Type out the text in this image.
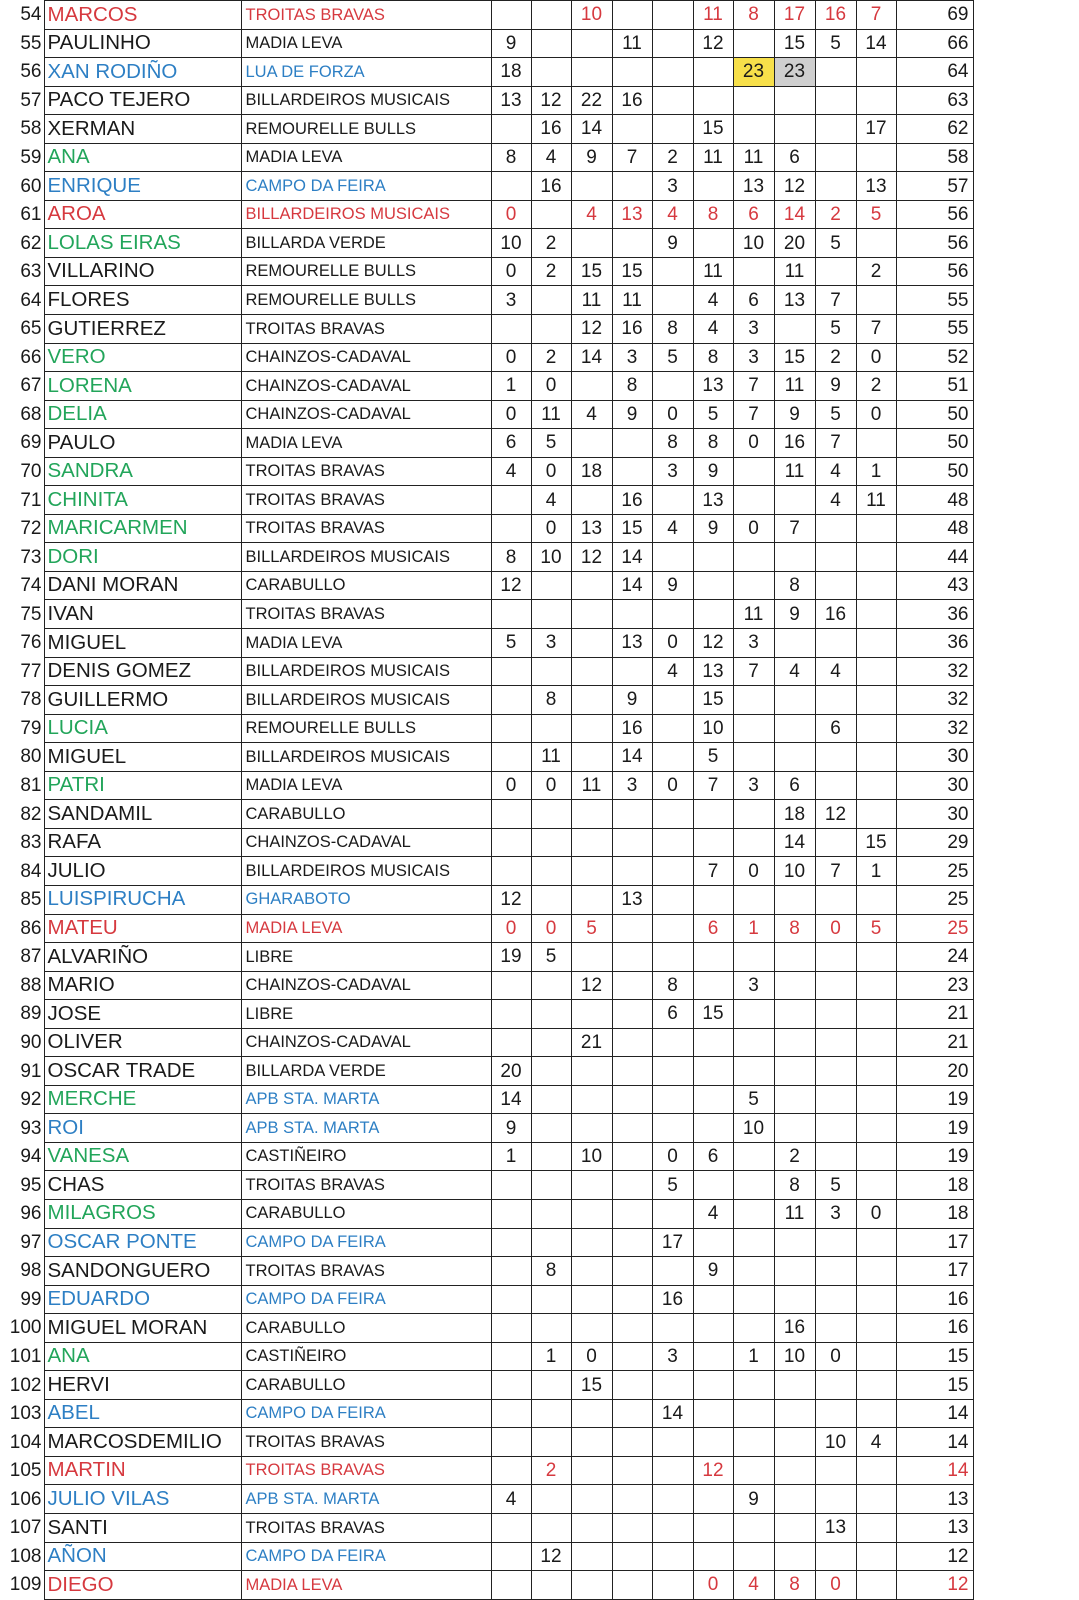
54	MARCOS	TROITAS BRAVAS			10			11	8	17	16	7	69
55	PAULINHO	MADIA LEVA	9			11		12		15	5	14	66
56	XAN RODIÑO	LUA DE FORZA	18						23	23			64
57	PACO TEJERO	BILLARDEIROS MUSICAIS	13	12	22	16							63
58	XERMAN	REMOURELLE BULLS		16	14			15				17	62
59	ANA	MADIA LEVA	8	4	9	7	2	11	11	6			58
60	ENRIQUE	CAMPO DA FEIRA		16			3		13	12		13	57
61	AROA	BILLARDEIROS MUSICAIS	0		4	13	4	8	6	14	2	5	56
62	LOLAS EIRAS	BILLARDA VERDE	10	2			9		10	20	5		56
63	VILLARINO	REMOURELLE BULLS	0	2	15	15		11		11		2	56
64	FLORES	REMOURELLE BULLS	3		11	11		4	6	13	7		55
65	GUTIERREZ	TROITAS BRAVAS			12	16	8	4	3		5	7	55
66	VERO	CHAINZOS-CADAVAL	0	2	14	3	5	8	3	15	2	0	52
67	LORENA	CHAINZOS-CADAVAL	1	0		8		13	7	11	9	2	51
68	DELIA	CHAINZOS-CADAVAL	0	11	4	9	0	5	7	9	5	0	50
69	PAULO	MADIA LEVA	6	5			8	8	0	16	7		50
70	SANDRA	TROITAS BRAVAS	4	0	18		3	9		11	4	1	50
71	CHINITA	TROITAS BRAVAS		4		16		13			4	11	48
72	MARICARMEN	TROITAS BRAVAS		0	13	15	4	9	0	7			48
73	DORI	BILLARDEIROS MUSICAIS	8	10	12	14							44
74	DANI MORAN	CARABULLO	12			14	9			8			43
75	IVAN	TROITAS BRAVAS							11	9	16		36
76	MIGUEL	MADIA LEVA	5	3		13	0	12	3				36
77	DENIS GOMEZ	BILLARDEIROS MUSICAIS					4	13	7	4	4		32
78	GUILLERMO	BILLARDEIROS MUSICAIS		8		9		15					32
79	LUCIA	REMOURELLE BULLS				16		10			6		32
80	MIGUEL	BILLARDEIROS MUSICAIS		11		14		5					30
81	PATRI	MADIA LEVA	0	0	11	3	0	7	3	6			30
82	SANDAMIL	CARABULLO								18	12		30
83	RAFA	CHAINZOS-CADAVAL								14		15	29
84	JULIO	BILLARDEIROS MUSICAIS						7	0	10	7	1	25
85	LUISPIRUCHA	GHARABOTO	12			13							25
86	MATEU	MADIA LEVA	0	0	5			6	1	8	0	5	25
87	ALVARIÑO	LIBRE	19	5									24
88	MARIO	CHAINZOS-CADAVAL			12		8		3				23
89	JOSE	LIBRE					6	15					21
90	OLIVER	CHAINZOS-CADAVAL			21								21
91	OSCAR TRADE	BILLARDA VERDE	20										20
92	MERCHE	APB STA. MARTA	14						5				19
93	ROI	APB STA. MARTA	9						10				19
94	VANESA	CASTIÑEIRO	1		10		0	6		2			19
95	CHAS	TROITAS BRAVAS					5			8	5		18
96	MILAGROS	CARABULLO						4		11	3	0	18
97	OSCAR PONTE	CAMPO DA FEIRA					17						17
98	SANDONGUERO	TROITAS BRAVAS		8				9					17
99	EDUARDO	CAMPO DA FEIRA					16						16
100	MIGUEL MORAN	CARABULLO								16			16
101	ANA	CASTIÑEIRO		1	0		3		1	10	0		15
102	HERVI	CARABULLO			15								15
103	ABEL	CAMPO DA FEIRA					14						14
104	MARCOSDEMILIO	TROITAS BRAVAS									10	4	14
105	MARTIN	TROITAS BRAVAS		2				12					14
106	JULIO VILAS	APB STA. MARTA	4						9				13
107	SANTI	TROITAS BRAVAS									13		13
108	AÑON	CAMPO DA FEIRA		12									12
109	DIEGO	MADIA LEVA						0	4	8	0		12
